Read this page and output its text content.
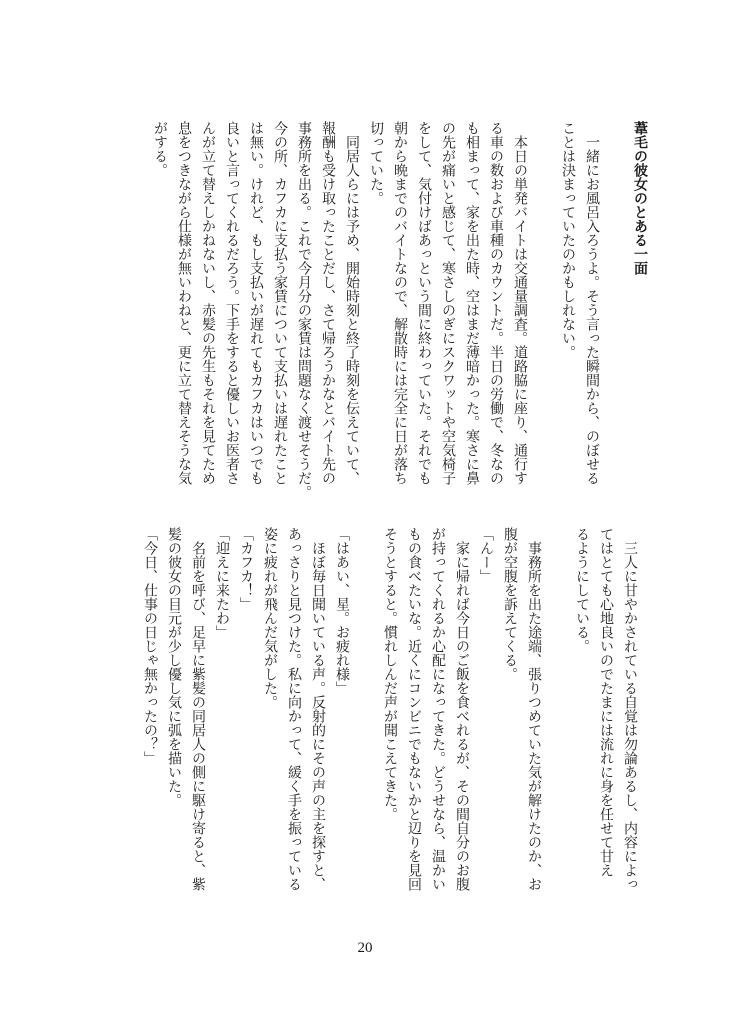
葦毛の彼女のとある一面

　一緒にお風呂入ろうよ。そう言った瞬間から、のぼせる
ことは決まっていたのかもしれない。

　本日の単発バイトは交通量調査。道路脇に座り、通行す
る車の数および車種のカウントだ。半日の労働で、冬なの
も相まって、家を出た時、空はまだ薄暗かった。寒さに鼻
の先が痛いと感じて、寒さしのぎにスクワットや空気椅子
をして、気付けばあっという間に終わっていた。それでも
朝から晩までのバイトなので、解散時には完全に日が落ち
切っていた。
　同居人らには予め、開始時刻と終了時刻を伝えていて、
報酬も受け取ったことだし、さて帰ろうかなとバイト先の
事務所を出る。これで今月分の家賃は問題なく渡せそうだ。
今の所、カフカに支払う家賃について支払いは遅れたこと
は無い。けれど、もし支払いが遅れてもカフカはいつでも
良いと言ってくれるだろう。下手をすると優しいお医者さ
んが立て替えしかねないし、赤髪の先生もそれを見てため
息をつきながら仕様が無いわねと、更に立て替えそうな気
がする。
　三人に甘やかされている自覚は勿論あるし、内容によっ
てはとても心地良いのでたまには流れに身を任せて甘え
るようにしている。

　事務所を出た途端、張りつめていた気が解けたのか、お
腹が空腹を訴えてくる。
「んー」
　家に帰れば今日のご飯を食べれるが、その間自分のお腹
が持ってくれるか心配になってきた。どうせなら、温かい
もの食べたいな。近くにコンビニでもないかと辺りを見回
そうとすると。慣れしんだ声が聞こえてきた。

「はあい、星。お疲れ様」
　ほぼ毎日聞いている声。反射的にその声の主を探すと、
あっさりと見つけた。私に向かって、緩く手を振っている
姿に疲れが飛んだ気がした。
「カフカ！」
「迎えに来たわ」
　名前を呼び、足早に紫髪の同居人の側に駆け寄ると、紫
髪の彼女の目元が少し優し気に弧を描いた。
「今日、仕事の日じゃ無かったの？」
20
